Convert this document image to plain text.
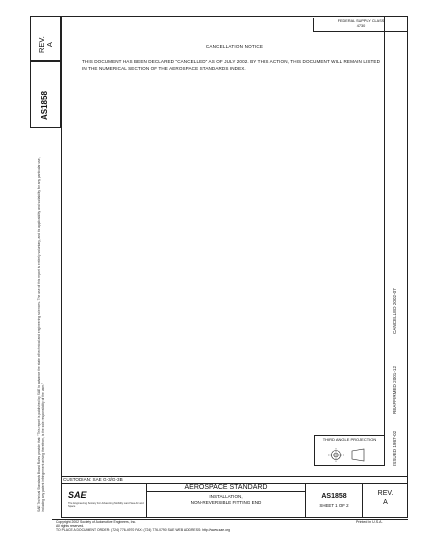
REV.
A
AS1858
SAE Technical Standards Board Rules provide that: "This report is published by SAE to advance the state of technical and engineering sciences. The use of this report is entirely voluntary, and its applicability and suitability for any particular use, including any patent infringement arising therefrom, is the sole responsibility of the user."
FEDERAL SUPPLY CLASS
4730
CANCELLATION NOTICE
THIS DOCUMENT HAS BEEN DECLARED "CANCELLED" AS OF JULY 2002. BY THIS ACTION, THIS DOCUMENT WILL REMAIN LISTED IN THE NUMERICAL SECTION OF THE AEROSPACE STANDARDS INDEX.
CANCELLED 2002-07
REAFFIRMED 2001-12
ISSUED 1987-02
THIRD ANGLE PROJECTION
CUSTODIAN: SAE G-3/G-3B
SAE
The Engineering Society For Advancing Mobility Land Sea Air and Space
AEROSPACE STANDARD
INSTALLATION,
NON-REVERSIBLE FITTING END
AS1858
SHEET 1 OF 2
REV.
A
Copyright 2002 Society of Automotive Engineers, Inc.
All rights reserved.
TO PLACE A DOCUMENT ORDER: (724) 776-4970 FAX: (724) 776-0790 SAE WEB ADDRESS: http://www.sae.org
Printed in U.S.A.
